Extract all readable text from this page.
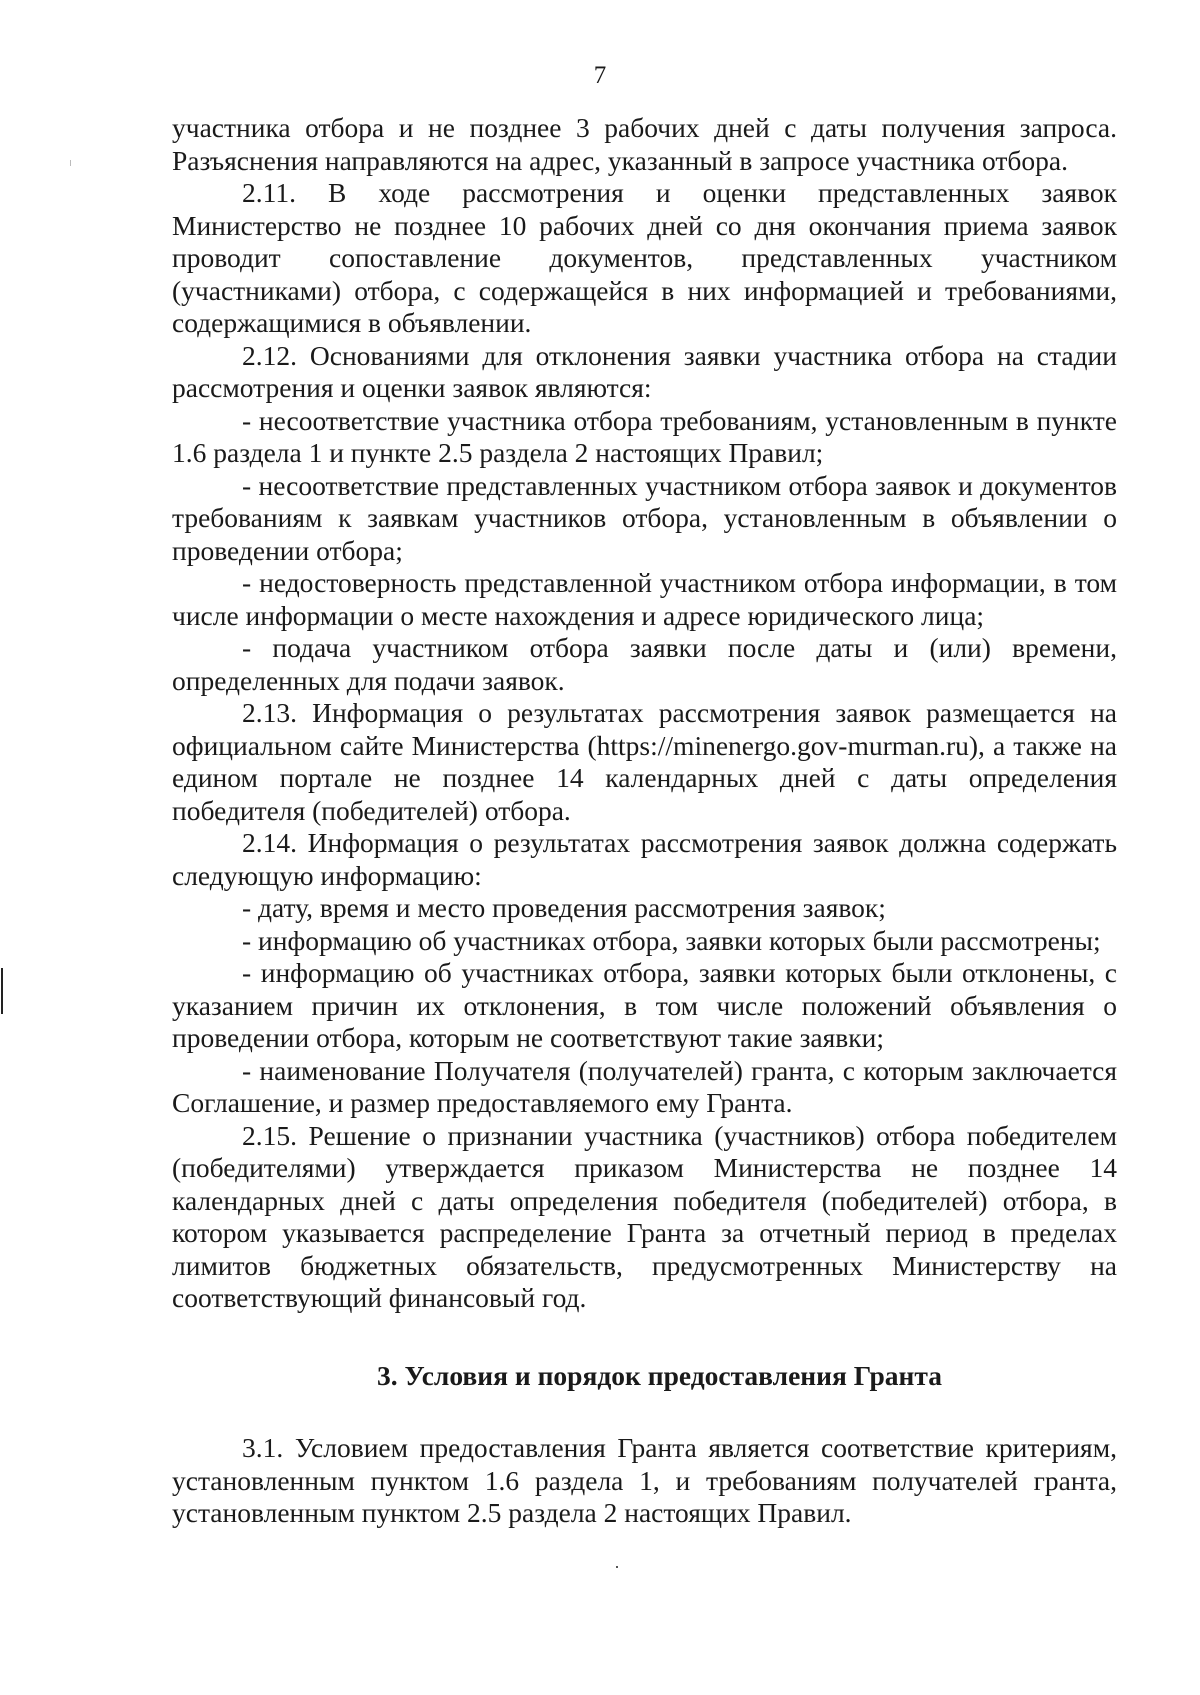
7

участника отбора и не позднее 3 рабочих дней с даты получения запроса. Разъяснения направляются на адрес, указанный в запросе участника отбора.

2.11. В ходе рассмотрения и оценки представленных заявок Министерство не позднее 10 рабочих дней со дня окончания приема заявок проводит сопоставление документов, представленных участником (участниками) отбора, с содержащейся в них информацией и требованиями, содержащимися в объявлении.

2.12. Основаниями для отклонения заявки участника отбора на стадии рассмотрения и оценки заявок являются:

- несоответствие участника отбора требованиям, установленным в пункте 1.6 раздела 1 и пункте 2.5 раздела 2 настоящих Правил;

- несоответствие представленных участником отбора заявок и документов требованиям к заявкам участников отбора, установленным в объявлении о проведении отбора;

- недостоверность представленной участником отбора информации, в том числе информации о месте нахождения и адресе юридического лица;

- подача участником отбора заявки после даты и (или) времени, определенных для подачи заявок.

2.13. Информация о результатах рассмотрения заявок размещается на официальном сайте Министерства (https://minenergo.gov-murman.ru), а также на едином портале не позднее 14 календарных дней с даты определения победителя (победителей) отбора.

2.14. Информация о результатах рассмотрения заявок должна содержать следующую информацию:

- дату, время и место проведения рассмотрения заявок;

- информацию об участниках отбора, заявки которых были рассмотрены;

- информацию об участниках отбора, заявки которых были отклонены, с указанием причин их отклонения, в том числе положений объявления о проведении отбора, которым не соответствуют такие заявки;

- наименование Получателя (получателей) гранта, с которым заключается Соглашение, и размер предоставляемого ему Гранта.

2.15. Решение о признании участника (участников) отбора победителем (победителями) утверждается приказом Министерства не позднее 14 календарных дней с даты определения победителя (победителей) отбора, в котором указывается распределение Гранта за отчетный период в пределах лимитов бюджетных обязательств, предусмотренных Министерству на соответствующий финансовый год.

3. Условия и порядок предоставления Гранта

3.1. Условием предоставления Гранта является соответствие критериям, установленным пунктом 1.6 раздела 1, и требованиям получателей гранта, установленным пунктом 2.5 раздела 2 настоящих Правил.
